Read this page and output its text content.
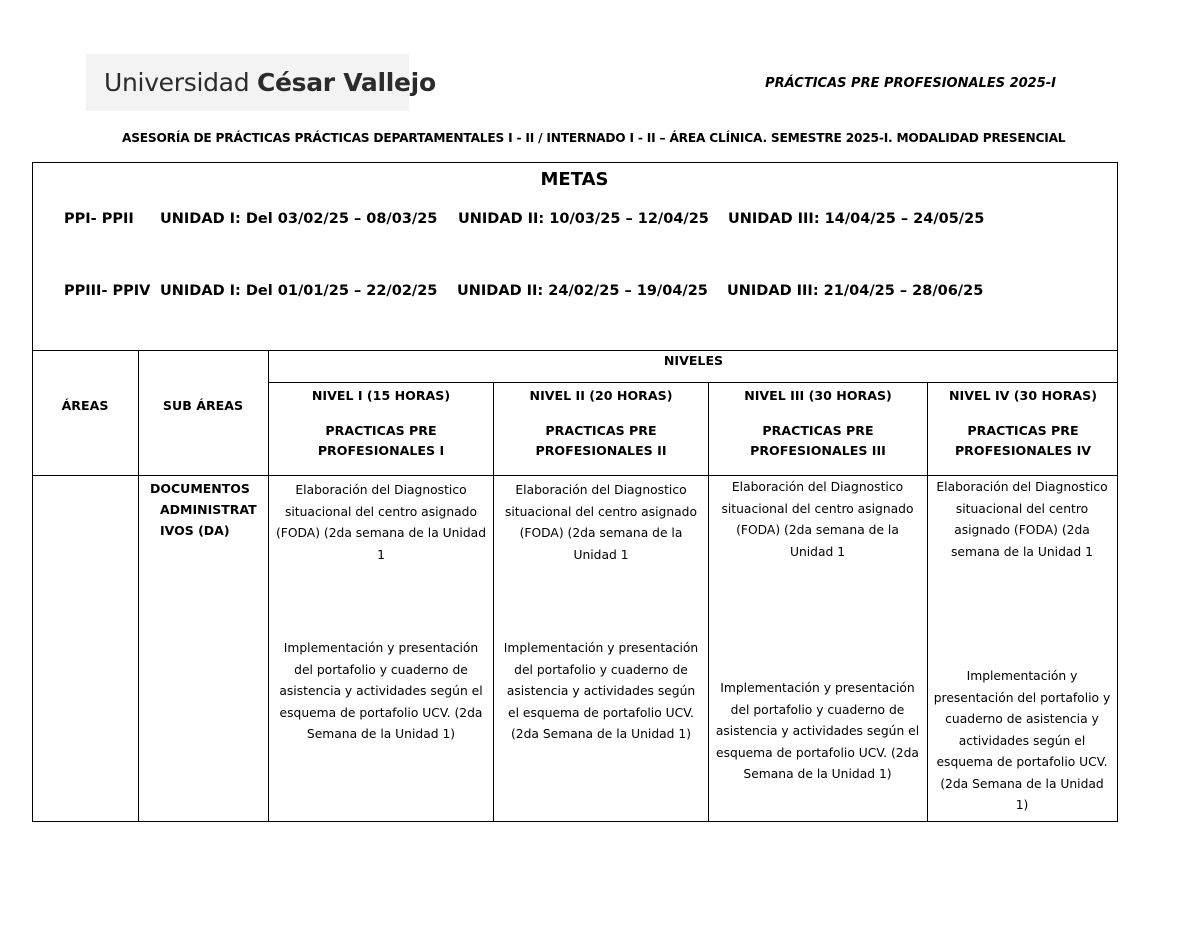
Universidad César Vallejo	PRÁCTICAS PRE PROFESIONALES 2025-I
ASESORÍA DE PRÁCTICAS PRÁCTICAS DEPARTAMENTALES I - II / INTERNADO I - II – ÁREA CLÍNICA. SEMESTRE 2025-I. MODALIDAD PRESENCIAL
METAS
PPI- PPII UNIDAD I: Del 03/02/25 – 08/03/25 UNIDAD II: 10/03/25 – 12/04/25 UNIDAD III: 14/04/25 – 24/05/25
PPIII- PPIV UNIDAD I: Del 01/01/25 – 22/02/25 UNIDAD II: 24/02/25 – 19/04/25 UNIDAD III: 21/04/25 – 28/06/25
ÁREAS	SUB ÁREAS
NIVELES
NIVEL I (15 HORAS)
PRACTICAS PRE PROFESIONALES I
NIVEL II (20 HORAS)
PRACTICAS PRE PROFESIONALES II
NIVEL III (30 HORAS)
PRACTICAS PRE PROFESIONALES III
NIVEL IV (30 HORAS)
PRACTICAS PRE PROFESIONALES IV
DOCUMENTOS
ADMINISTRAT
IVOS (DA)
Elaboración del Diagnostico situacional del centro asignado (FODA) (2da semana de la Unidad 1
Elaboración del Diagnostico situacional del centro asignado (FODA) (2da semana de la Unidad 1
Elaboración del Diagnostico situacional del centro asignado (FODA) (2da semana de la Unidad 1
Elaboración del Diagnostico situacional del centro asignado (FODA) (2da semana de la Unidad 1
Implementación y presentación del portafolio y cuaderno de asistencia y actividades según el esquema de portafolio UCV. (2da Semana de la Unidad 1)
Implementación y presentación del portafolio y cuaderno de asistencia y actividades según el esquema de portafolio UCV. (2da Semana de la Unidad 1)
Implementación y presentación del portafolio y cuaderno de asistencia y actividades según el esquema de portafolio UCV. (2da Semana de la Unidad 1)
Implementación y presentación del portafolio y cuaderno de asistencia y actividades según el esquema de portafolio UCV. (2da Semana de la Unidad 1)
